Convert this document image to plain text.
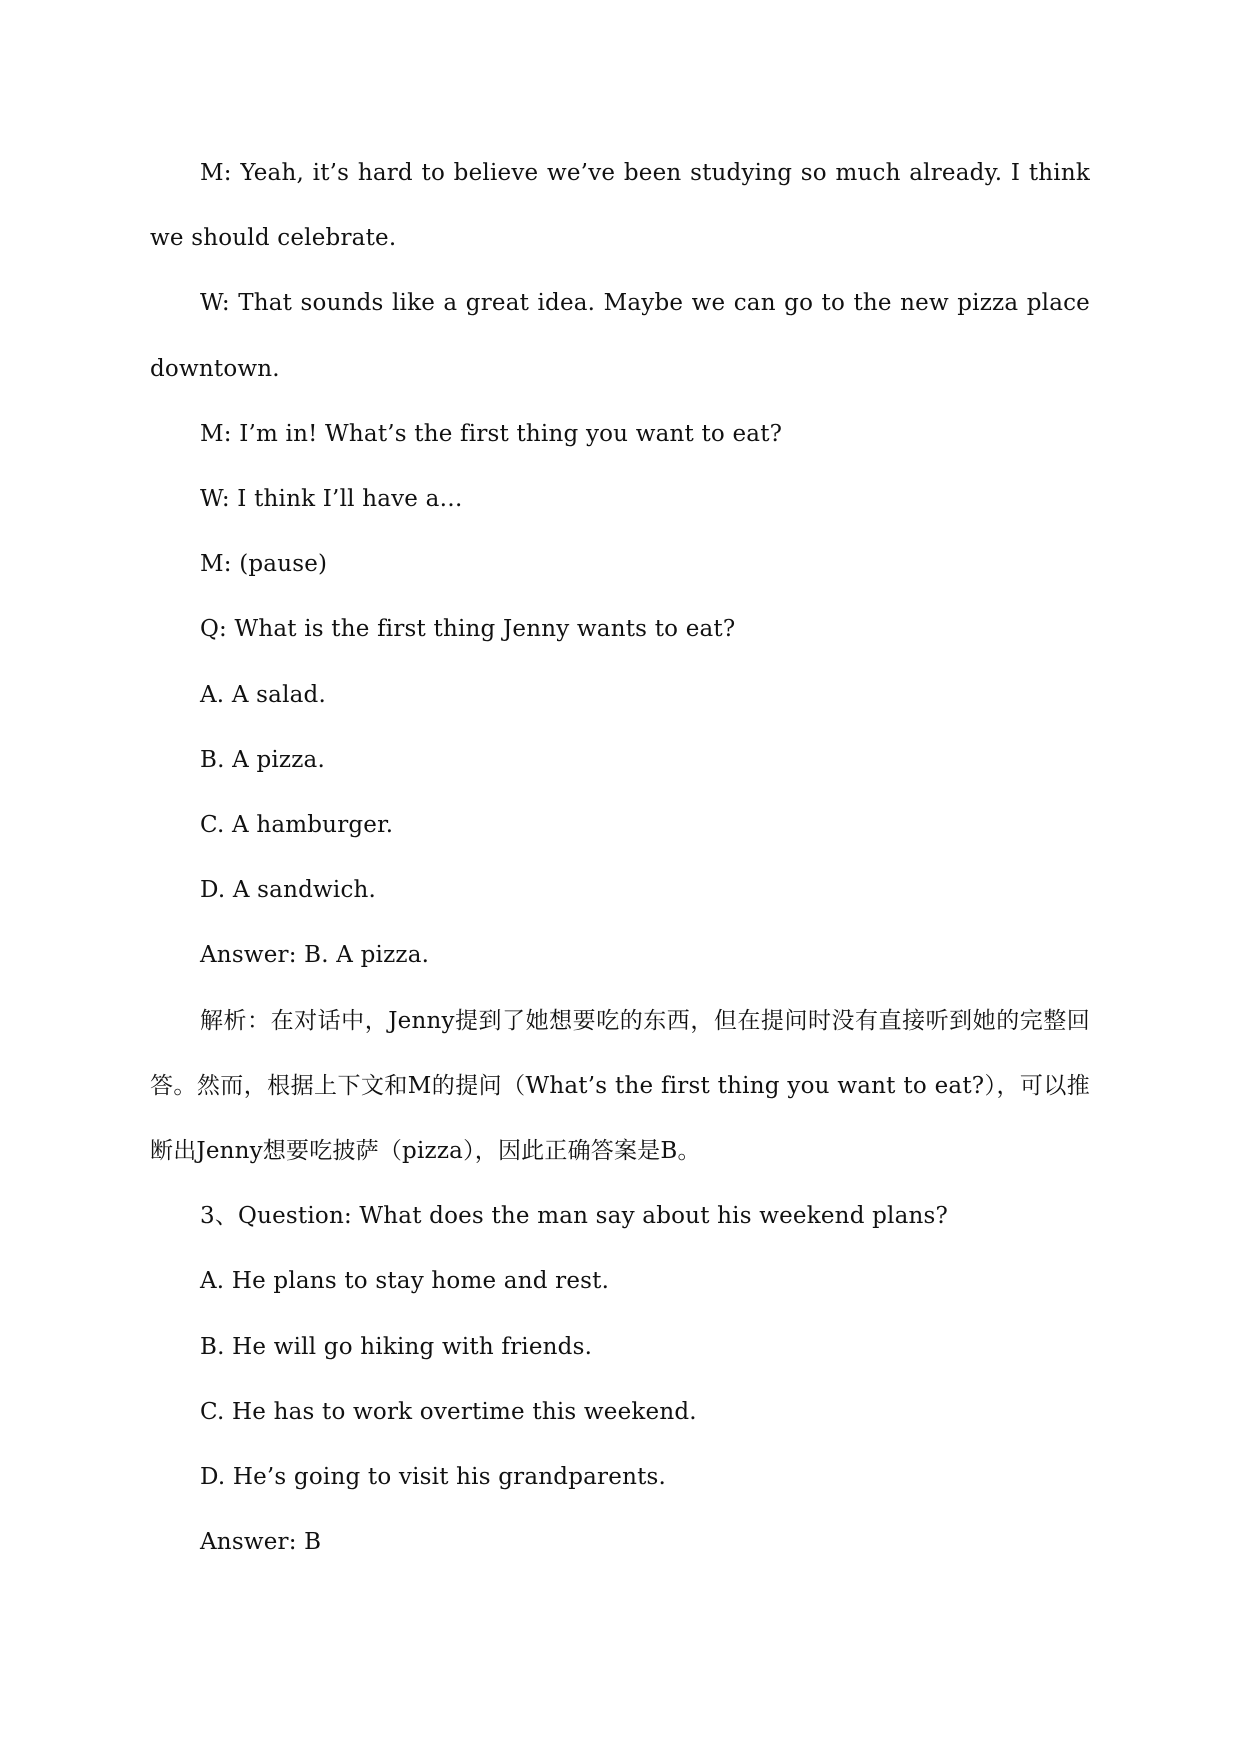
M: Yeah, it’s hard to believe we’ve been studying so much already. I think we should celebrate.

W: That sounds like a great idea. Maybe we can go to the new pizza place downtown.

M: I’m in! What’s the first thing you want to eat?

W: I think I’ll have a…

M: (pause)

Q: What is the first thing Jenny wants to eat?

A. A salad.

B. A pizza.

C. A hamburger.

D. A sandwich.

Answer: B. A pizza.

解析：在对话中，Jenny提到了她想要吃的东西，但在提问时没有直接听到她的完整回答。然而，根据上下文和M的提问（What’s the first thing you want to eat?），可以推断出Jenny想要吃披萨（pizza），因此正确答案是B。

3、Question: What does the man say about his weekend plans?

A. He plans to stay home and rest.

B. He will go hiking with friends.

C. He has to work overtime this weekend.

D. He’s going to visit his grandparents.

Answer: B
